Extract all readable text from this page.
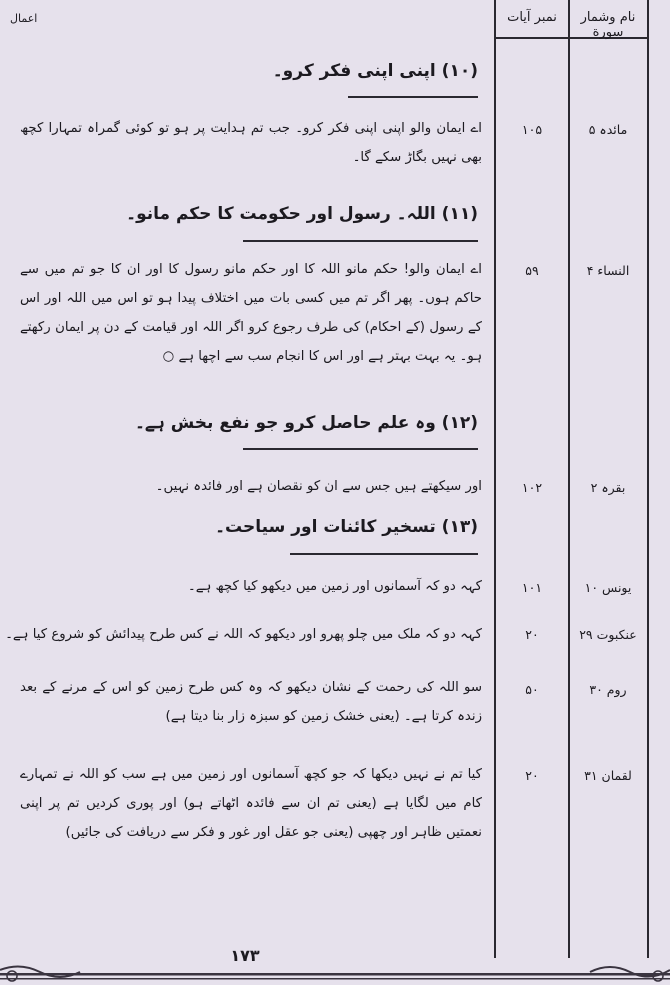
نام وشمار سورة
نمبر آیات
اعمال
(۱۰) اپنی اپنی فکر کرو۔
مائدہ ۵
۱۰۵
اے ایمان والو اپنی اپنی فکر کرو۔ جب تم ہدایت پر ہو تو کوئی گمراہ تمہارا کچھ بھی نہیں بگاڑ سکے گا۔
(۱۱) اللہ۔ رسول اور حکومت کا حکم مانو۔
النساء ۴
۵۹
اے ایمان والو! حکم مانو اللہ کا اور حکم مانو رسول کا اور ان کا جو تم میں سے حاکم ہوں۔ پھر اگر تم میں کسی بات میں اختلاف پیدا ہو تو اس میں اللہ اور اس کے رسول (کے احکام) کی طرف رجوع کرو اگر اللہ اور قیامت کے دن پر ایمان رکھتے ہو۔ یہ بہت بہتر ہے اور اس کا انجام سب سے اچھا ہے ○
(۱۲) وہ علم حاصل کرو جو نفع بخش ہے۔
بقرہ ۲
۱۰۲
اور سیکھتے ہیں جس سے ان کو نقصان ہے اور فائدہ نہیں۔
(۱۳) تسخیر کائنات اور سیاحت۔
یونس ۱۰
۱۰۱
کہہ دو کہ آسمانوں اور زمین میں دیکھو کیا کچھ ہے۔
عنکبوت ۲۹
۲۰
کہہ دو کہ ملک میں چلو پھرو اور دیکھو کہ اللہ نے کس طرح پیدائش کو شروع کیا ہے۔
روم ۳۰
۵۰
سو اللہ کی رحمت کے نشان دیکھو کہ وہ کس طرح زمین کو اس کے مرنے کے بعد زندہ کرتا ہے۔ (یعنی خشک زمین کو سبزہ زار بنا دیتا ہے)
لقمان ۳۱
۲۰
کیا تم نے نہیں دیکھا کہ جو کچھ آسمانوں اور زمین میں ہے سب کو اللہ نے تمہارے کام میں لگایا ہے (یعنی تم ان سے فائدہ اٹھاتے ہو) اور پوری کردیں تم پر اپنی نعمتیں ظاہر اور چھپی (یعنی جو عقل اور غور و فکر سے دریافت کی جائیں)
۱۷۳
